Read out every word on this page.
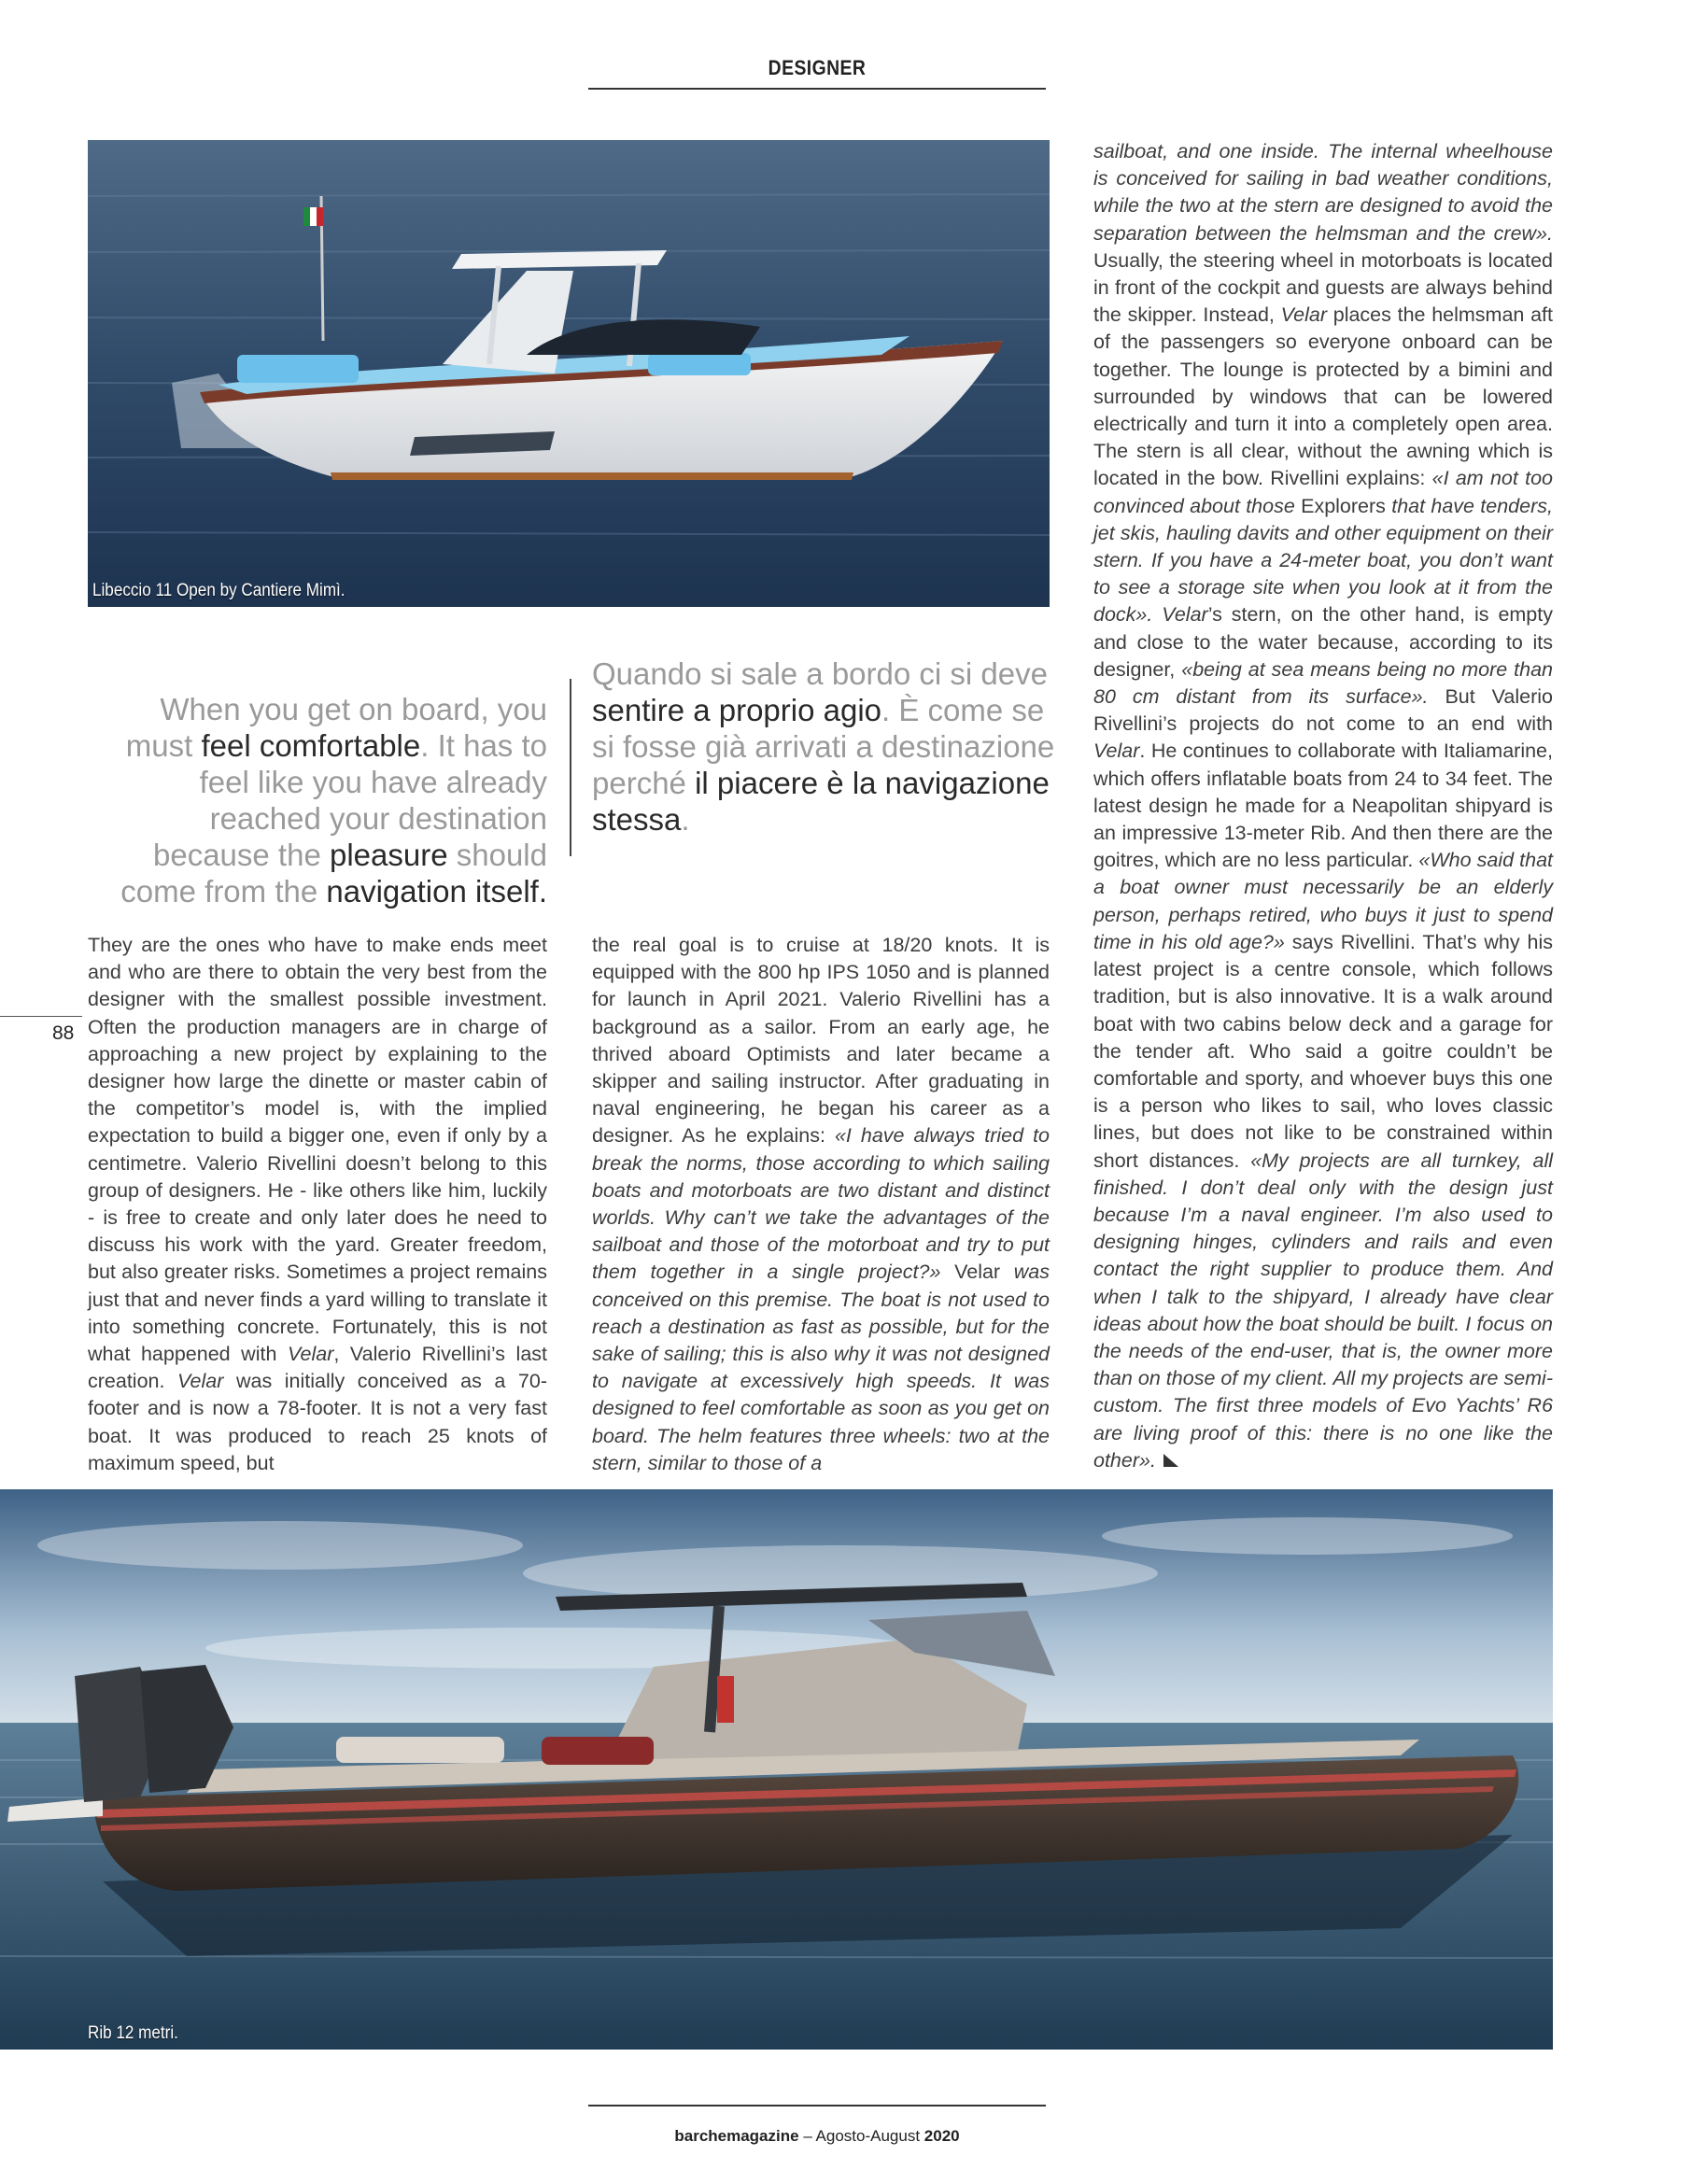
DESIGNER
Libeccio 11 Open by Cantiere Mimì.
When you get on board, you must feel comfortable. It has to feel like you have already reached your destination because the pleasure should come from the navigation itself.
Quando si sale a bordo ci si deve sentire a proprio agio. È come se si fosse già arrivati a destinazione perché il piacere è la navigazione stessa.
88

They are the ones who have to make ends meet and who are there to obtain the very best from the designer with the smallest possible investment. Often the production managers are in charge of approaching a new project by explaining to the designer how large the dinette or master cabin of the competitor’s model is, with the implied expectation to build a bigger one, even if only by a centimetre. Valerio Rivellini doesn’t belong to this group of designers. He - like others like him, luckily - is free to create and only later does he need to discuss his work with the yard. Greater freedom, but also greater risks. Sometimes a project remains just that and never finds a yard willing to translate it into something concrete. Fortunately, this is not what happened with Velar, Valerio Rivellini’s last creation. Velar was initially conceived as a 70-footer and is now a 78-footer. It is not a very fast boat. It was produced to reach 25 knots of maximum speed, but

the real goal is to cruise at 18/20 knots. It is equipped with the 800 hp IPS 1050 and is planned for launch in April 2021. Valerio Rivellini has a background as a sailor. From an early age, he thrived aboard Optimists and later became a skipper and sailing instructor. After graduating in naval engineering, he began his career as a designer. As he explains: «I have always tried to break the norms, those according to which sailing boats and motorboats are two distant and distinct worlds. Why can’t we take the advantages of the sailboat and those of the motorboat and try to put them together in a single project?» Velar was conceived on this premise. The boat is not used to reach a destination as fast as possible, but for the sake of sailing; this is also why it was not designed to navigate at excessively high speeds. It was designed to feel comfortable as soon as you get on board. The helm features three wheels: two at the stern, similar to those of a

sailboat, and one inside. The internal wheelhouse is conceived for sailing in bad weather conditions, while the two at the stern are designed to avoid the separation between the helmsman and the crew». Usually, the steering wheel in motorboats is located in front of the cockpit and guests are always behind the skipper. Instead, Velar places the helmsman aft of the passengers so everyone onboard can be together. The lounge is protected by a bimini and surrounded by windows that can be lowered electrically and turn it into a completely open area. The stern is all clear, without the awning which is located in the bow. Rivellini explains: «I am not too convinced about those Explorers that have tenders, jet skis, hauling davits and other equipment on their stern. If you have a 24-meter boat, you don’t want to see a storage site when you look at it from the dock». Velar’s stern, on the other hand, is empty and close to the water because, according to its designer, «being at sea means being no more than 80 cm distant from its surface». But Valerio Rivellini’s projects do not come to an end with Velar. He continues to collaborate with Italiamarine, which offers inflatable boats from 24 to 34 feet. The latest design he made for a Neapolitan shipyard is an impressive 13-meter Rib. And then there are the goitres, which are no less particular. «Who said that a boat owner must necessarily be an elderly person, perhaps retired, who buys it just to spend time in his old age?» says Rivellini. That’s why his latest project is a centre console, which follows tradition, but is also innovative. It is a walk around boat with two cabins below deck and a garage for the tender aft. Who said a goitre couldn’t be comfortable and sporty, and whoever buys this one is a person who likes to sail, who loves classic lines, but does not like to be constrained within short distances. «My projects are all turnkey, all finished. I don’t deal only with the design just because I’m a naval engineer. I’m also used to designing hinges, cylinders and rails and even contact the right supplier to produce them. And when I talk to the shipyard, I already have clear ideas about how the boat should be built. I focus on the needs of the end-user, that is, the owner more than on those of my client. All my projects are semi-custom. The first three models of Evo Yachts’ R6 are living proof of this: there is no one like the other».

Rib 12 metri.
barchemagazine – Agosto-August 2020
